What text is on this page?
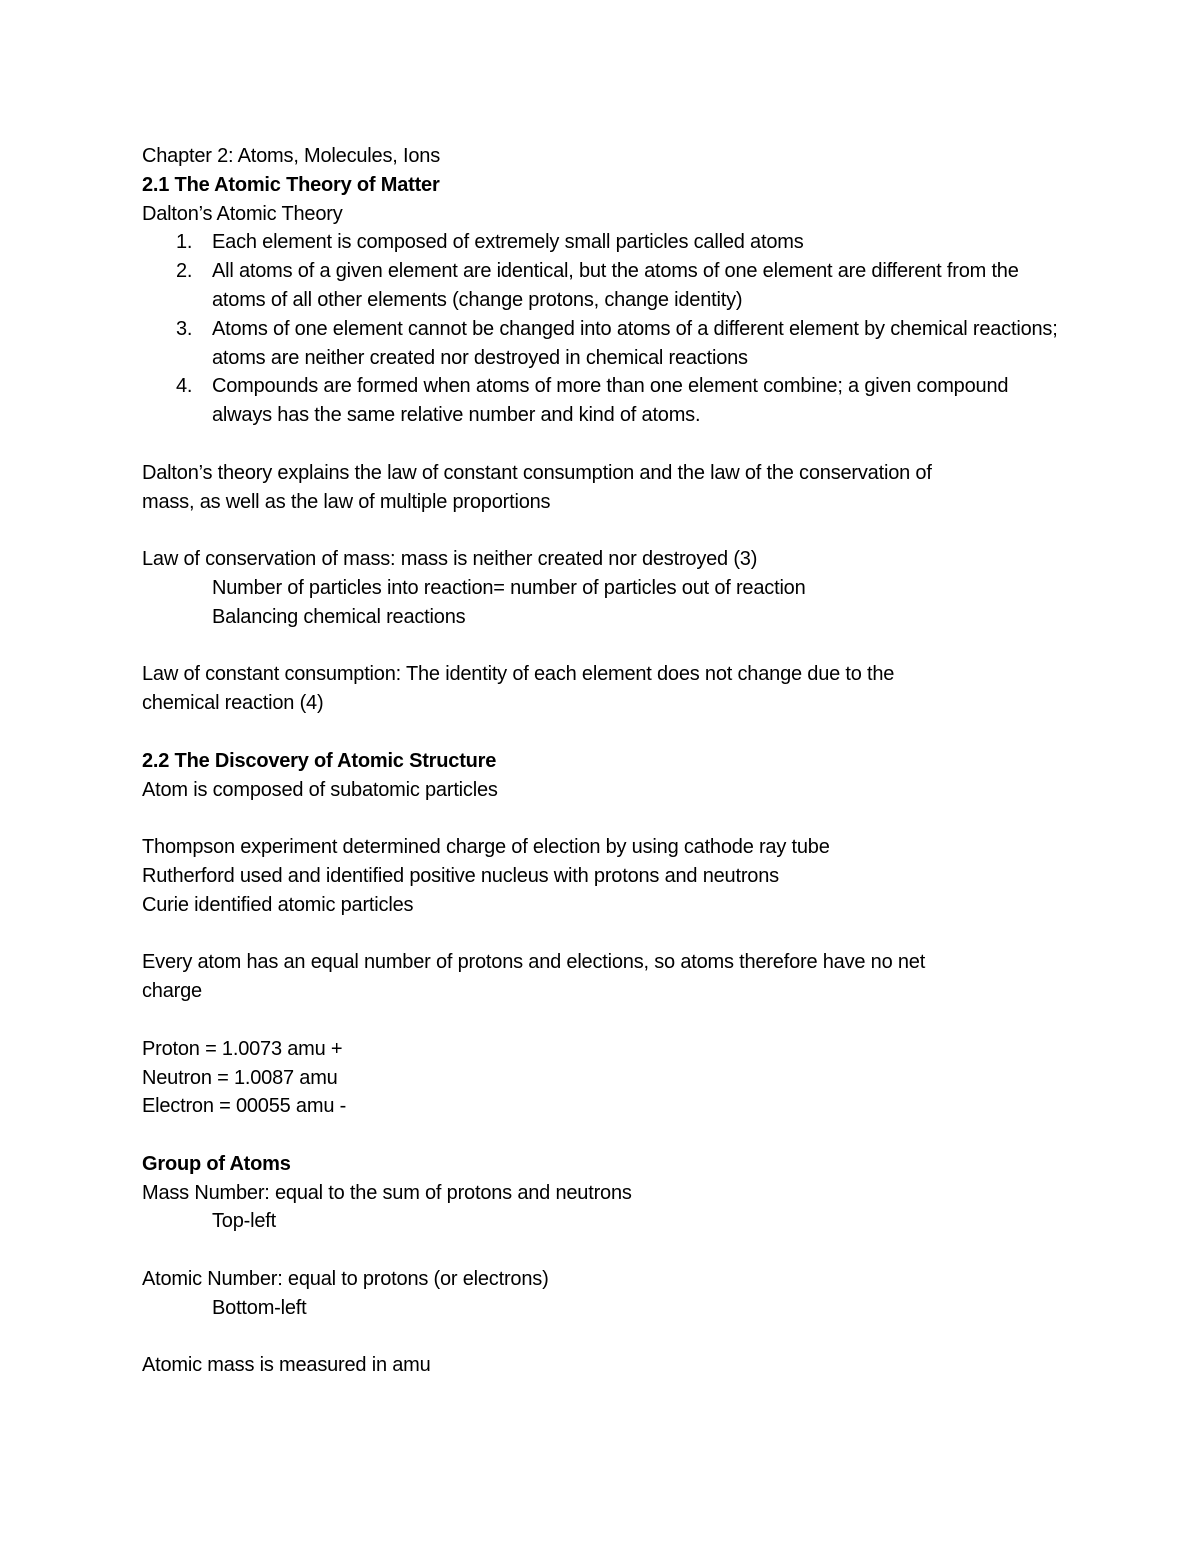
Chapter 2: Atoms, Molecules, Ions
2.1 The Atomic Theory of Matter
Dalton’s Atomic Theory
1. Each element is composed of extremely small particles called atoms
2. All atoms of a given element are identical, but the atoms of one element are different from the atoms of all other elements (change protons, change identity)
3. Atoms of one element cannot be changed into atoms of a different element by chemical reactions; atoms are neither created nor destroyed in chemical reactions
4. Compounds are formed when atoms of more than one element combine; a given compound always has the same relative number and kind of atoms.
Dalton’s theory explains the law of constant consumption and the law of the conservation of
mass, as well as the law of multiple proportions
Law of conservation of mass: mass is neither created nor destroyed (3)
Number of particles into reaction= number of particles out of reaction
Balancing chemical reactions
Law of constant consumption: The identity of each element does not change due to the
chemical reaction (4)
2.2 The Discovery of Atomic Structure
Atom is composed of subatomic particles
Thompson experiment determined charge of election by using cathode ray tube
Rutherford used and identified positive nucleus with protons and neutrons
Curie identified atomic particles
Every atom has an equal number of protons and elections, so atoms therefore have no net
charge
Proton = 1.0073 amu +
Neutron = 1.0087 amu
Electron = 00055 amu -
Group of Atoms
Mass Number: equal to the sum of protons and neutrons
Top-left
Atomic Number: equal to protons (or electrons)
Bottom-left
Atomic mass is measured in amu
